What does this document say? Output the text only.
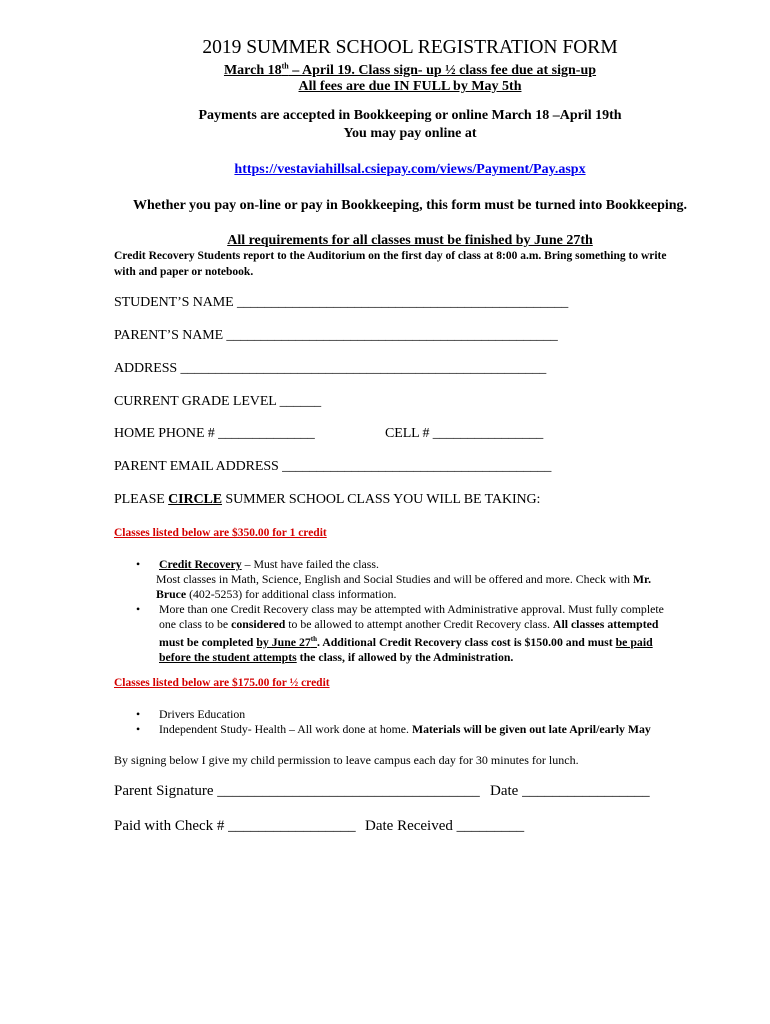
2019 SUMMER SCHOOL REGISTRATION FORM
March 18th – April 19. Class sign- up ½ class fee due at sign-up
All fees are due IN FULL by May 5th
Payments are accepted in Bookkeeping or online March 18 –April 19th
You may pay online at
https://vestaviahillsal.csiepay.com/views/Payment/Pay.aspx
Whether you pay on-line or pay in Bookkeeping, this form must be turned into Bookkeeping.
All requirements for all classes must be finished by June 27th
Credit Recovery Students report to the Auditorium on the first day of class at 8:00 a.m. Bring something to write
with and paper or notebook.
STUDENT’S NAME ________________________________________________
PARENT’S NAME ________________________________________________
ADDRESS _____________________________________________________
CURRENT GRADE LEVEL ______
HOME PHONE # ______________	CELL # ________________
PARENT EMAIL ADDRESS _______________________________________
PLEASE CIRCLE SUMMER SCHOOL CLASS YOU WILL BE TAKING:
Classes listed below are $350.00 for 1 credit
• Credit Recovery – Must have failed the class.
Most classes in Math, Science, English and Social Studies and will be offered and more. Check with Mr.
Bruce (402-5253) for additional class information.
• More than one Credit Recovery class may be attempted with Administrative approval. Must fully complete
one class to be considered to be allowed to attempt another Credit Recovery class. All classes attempted
must be completed by June 27th. Additional Credit Recovery class cost is $150.00 and must be paid
before the student attempts the class, if allowed by the Administration.
Classes listed below are $175.00 for ½ credit
• Drivers Education
• Independent Study- Health – All work done at home. Materials will be given out late April/early May
By signing below I give my child permission to leave campus each day for 30 minutes for lunch.
Parent Signature ___________________________________ Date _________________
Paid with Check # _________________ Date Received _________
